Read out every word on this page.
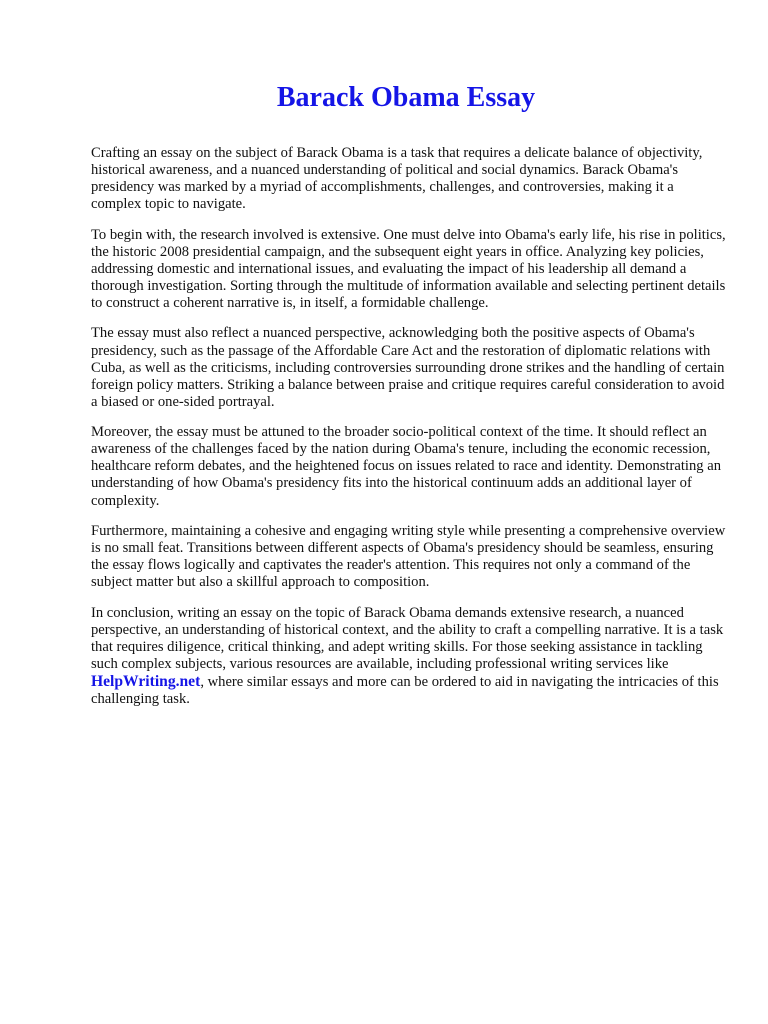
Barack Obama Essay

Crafting an essay on the subject of Barack Obama is a task that requires a delicate balance of objectivity, historical awareness, and a nuanced understanding of political and social dynamics. Barack Obama's presidency was marked by a myriad of accomplishments, challenges, and controversies, making it a complex topic to navigate.

To begin with, the research involved is extensive. One must delve into Obama's early life, his rise in politics, the historic 2008 presidential campaign, and the subsequent eight years in office. Analyzing key policies, addressing domestic and international issues, and evaluating the impact of his leadership all demand a thorough investigation. Sorting through the multitude of information available and selecting pertinent details to construct a coherent narrative is, in itself, a formidable challenge.

The essay must also reflect a nuanced perspective, acknowledging both the positive aspects of Obama's presidency, such as the passage of the Affordable Care Act and the restoration of diplomatic relations with Cuba, as well as the criticisms, including controversies surrounding drone strikes and the handling of certain foreign policy matters. Striking a balance between praise and critique requires careful consideration to avoid a biased or one-sided portrayal.

Moreover, the essay must be attuned to the broader socio-political context of the time. It should reflect an awareness of the challenges faced by the nation during Obama's tenure, including the economic recession, healthcare reform debates, and the heightened focus on issues related to race and identity. Demonstrating an understanding of how Obama's presidency fits into the historical continuum adds an additional layer of complexity.

Furthermore, maintaining a cohesive and engaging writing style while presenting a comprehensive overview is no small feat. Transitions between different aspects of Obama's presidency should be seamless, ensuring the essay flows logically and captivates the reader's attention. This requires not only a command of the subject matter but also a skillful approach to composition.

In conclusion, writing an essay on the topic of Barack Obama demands extensive research, a nuanced perspective, an understanding of historical context, and the ability to craft a compelling narrative. It is a task that requires diligence, critical thinking, and adept writing skills. For those seeking assistance in tackling such complex subjects, various resources are available, including professional writing services like HelpWriting.net, where similar essays and more can be ordered to aid in navigating the intricacies of this challenging task.
